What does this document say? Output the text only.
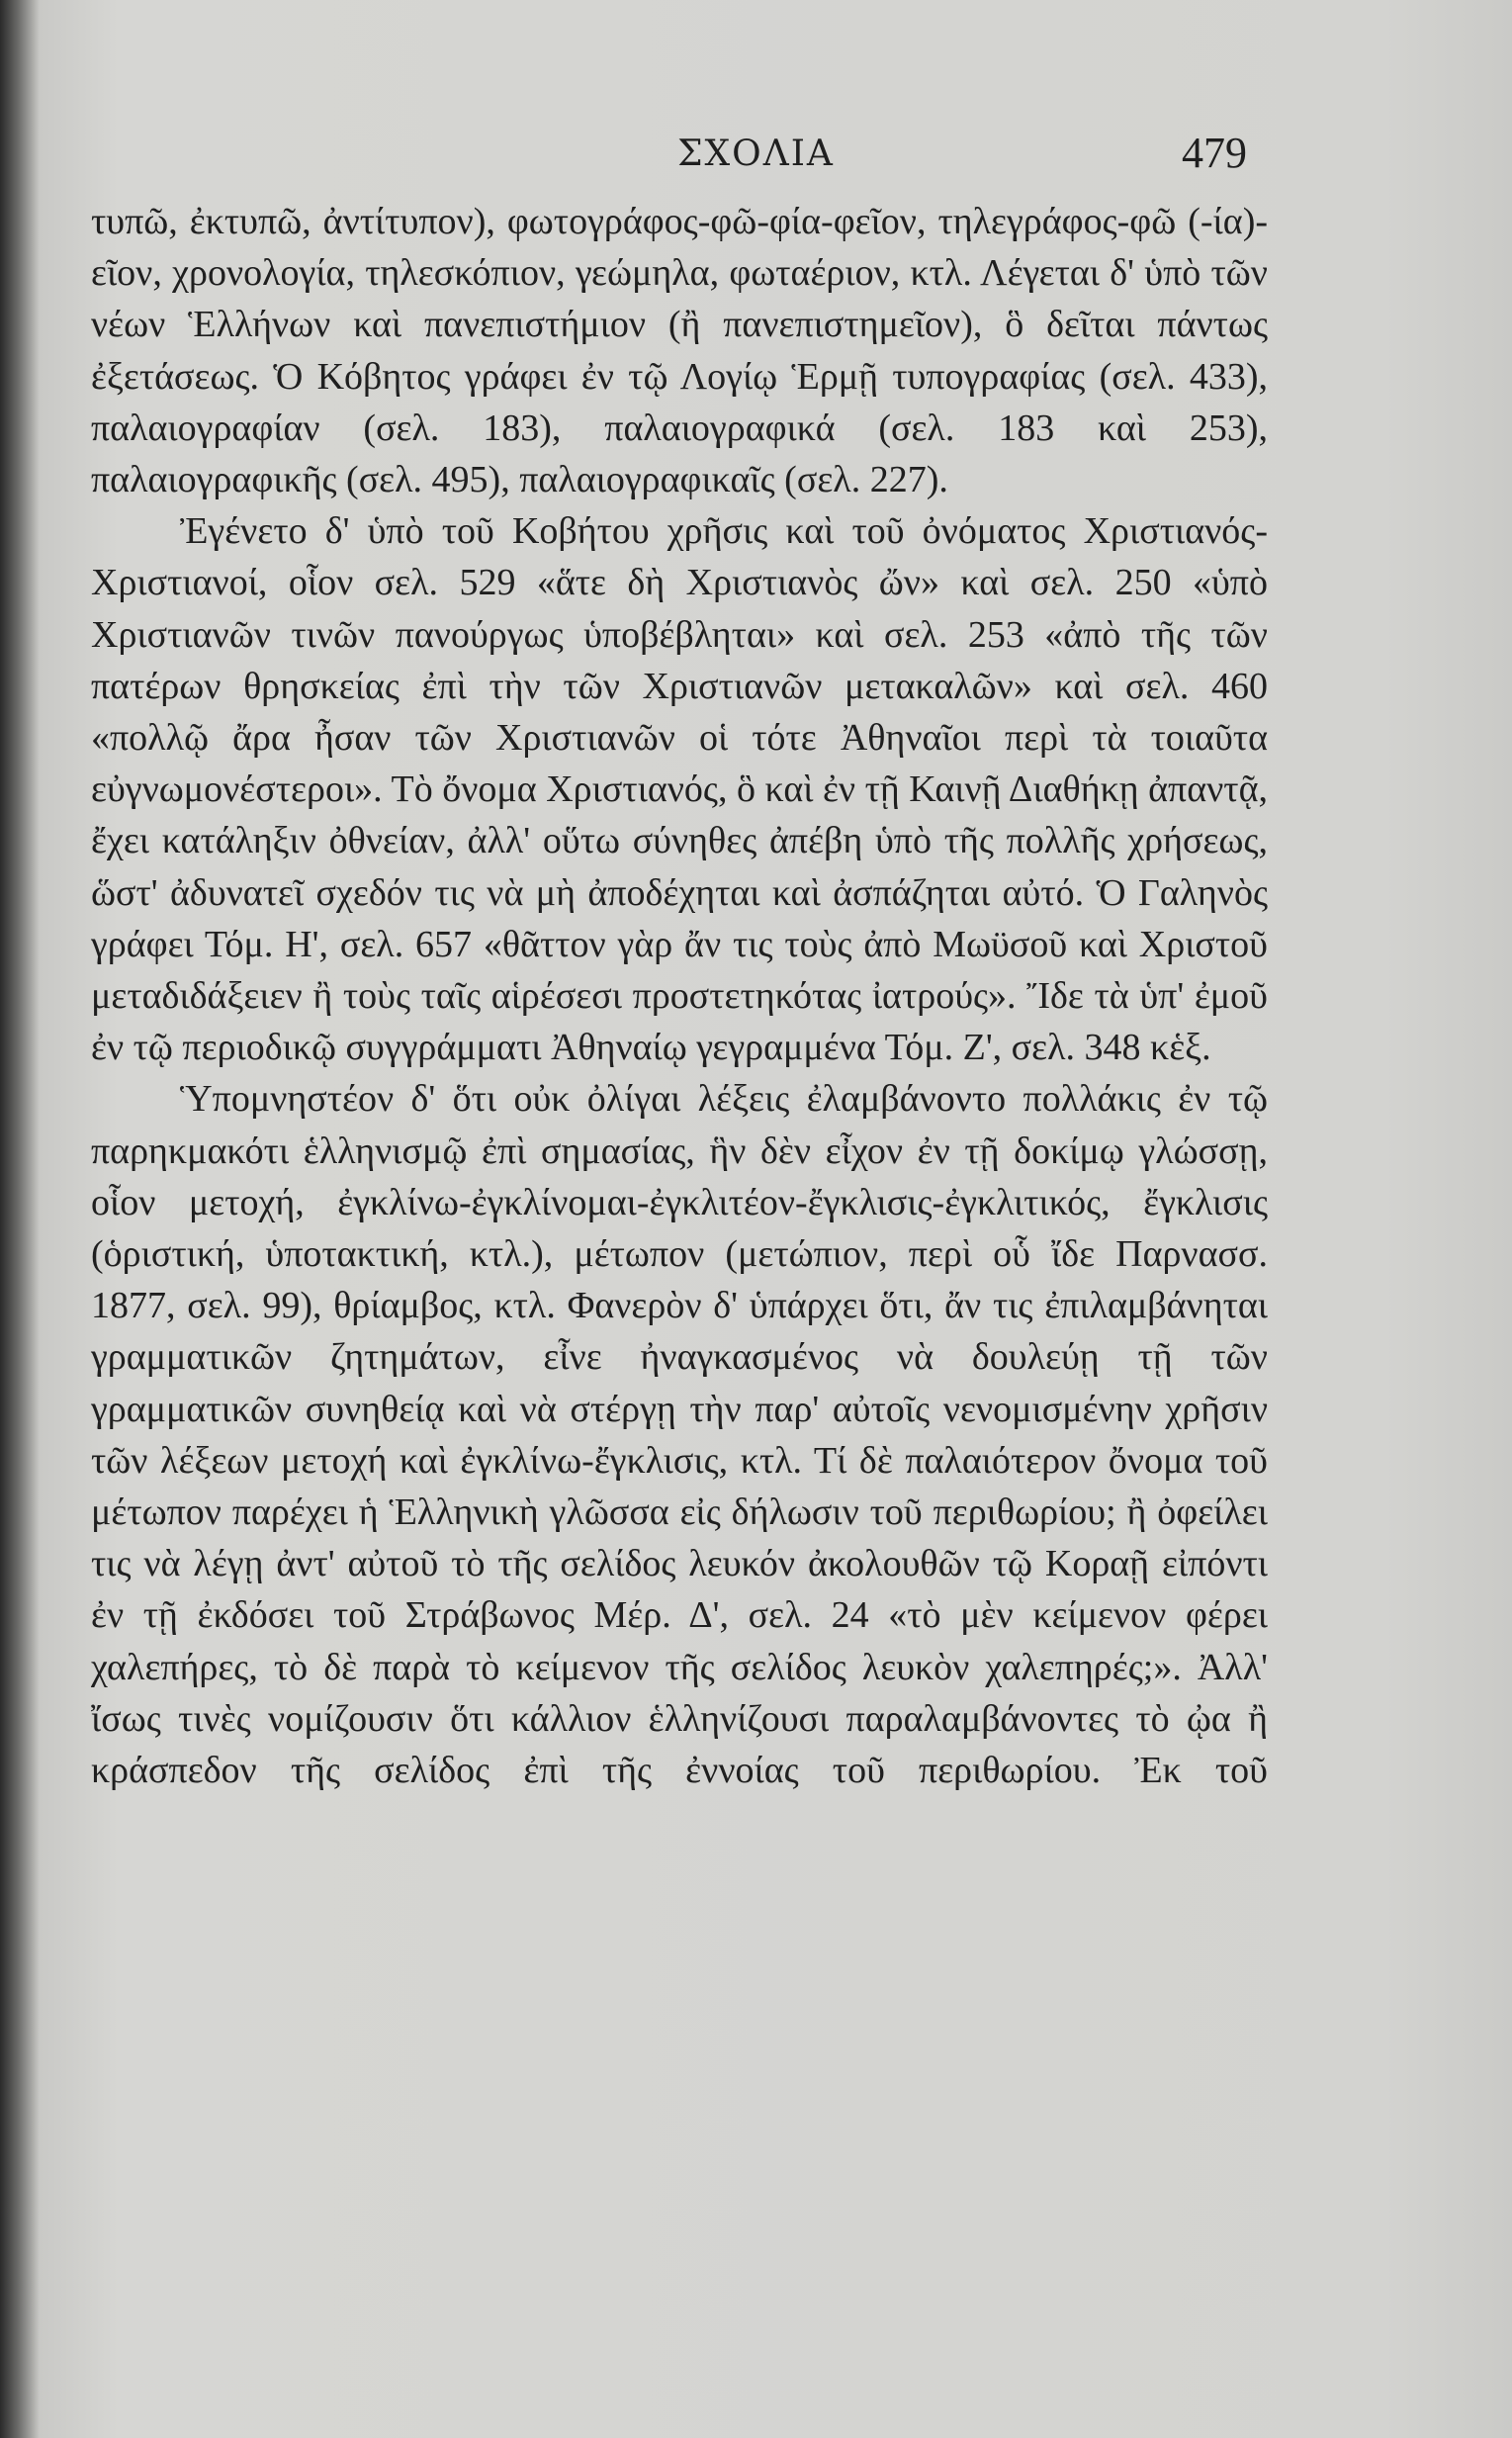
ΣΧΟΛΙΑ	479

τυπῶ, ἐκτυπῶ, ἀντίτυπον), φωτογράφος-φῶ-φία-φεῖον, τηλεγράφος-φῶ (-ία)-εῖον, χρονολογία, τηλεσκόπιον, γεώμηλα, φωταέριον, κτλ. Λέγεται δ' ὑπὸ τῶν νέων Ἑλλήνων καὶ πανεπιστήμιον (ἢ πανεπιστημεῖον), ὃ δεῖται πάντως ἐξετάσεως. Ὁ Κόβητος γράφει ἐν τῷ Λογίῳ Ἑρμῇ τυπογραφίας (σελ. 433), παλαιογραφίαν (σελ. 183), παλαιογραφικά (σελ. 183 καὶ 253), παλαιογραφικῆς (σελ. 495), παλαιογραφικαῖς (σελ. 227).

Ἐγένετο δ' ὑπὸ τοῦ Κοβήτου χρῆσις καὶ τοῦ ὀνόματος Χριστιανός-Χριστιανοί, οἷον σελ. 529 «ἅτε δὴ Χριστιανὸς ὤν» καὶ σελ. 250 «ὑπὸ Χριστιανῶν τινῶν πανούργως ὑποβέβληται» καὶ σελ. 253 «ἀπὸ τῆς τῶν πατέρων θρησκείας ἐπὶ τὴν τῶν Χριστιανῶν μετακαλῶν» καὶ σελ. 460 «πολλῷ ἄρα ἦσαν τῶν Χριστιανῶν οἱ τότε Ἀθηναῖοι περὶ τὰ τοιαῦτα εὐγνωμονέστεροι». Τὸ ὄνομα Χριστιανός, ὃ καὶ ἐν τῇ Καινῇ Διαθήκῃ ἀπαντᾷ, ἔχει κατάληξιν ὀθνείαν, ἀλλ' οὕτω σύνηθες ἀπέβη ὑπὸ τῆς πολλῆς χρήσεως, ὥστ' ἀδυνατεῖ σχεδόν τις νὰ μὴ ἀποδέχηται καὶ ἀσπάζηται αὐτό. Ὁ Γαληνὸς γράφει Τόμ. Η', σελ. 657 «θᾶττον γὰρ ἄν τις τοὺς ἀπὸ Μωϋσοῦ καὶ Χριστοῦ μεταδιδάξειεν ἢ τοὺς ταῖς αἱρέσεσι προστετηκότας ἰατρούς». Ἴδε τὰ ὑπ' ἐμοῦ ἐν τῷ περιοδικῷ συγγράμματι Ἀθηναίῳ γεγραμμένα Τόμ. Ζ', σελ. 348 κἑξ.

Ὑπομνηστέον δ' ὅτι οὐκ ὀλίγαι λέξεις ἐλαμβάνοντο πολλάκις ἐν τῷ παρηκμακότι ἑλληνισμῷ ἐπὶ σημασίας, ἣν δὲν εἶχον ἐν τῇ δοκίμῳ γλώσσῃ, οἷον μετοχή, ἐγκλίνω-ἐγκλίνομαι-ἐγκλιτέον-ἔγκλισις-ἐγκλιτικός, ἔγκλισις (ὁριστική, ὑποτακτική, κτλ.), μέτωπον (μετώπιον, περὶ οὗ ἴδε Παρνασσ. 1877, σελ. 99), θρίαμβος, κτλ. Φανερὸν δ' ὑπάρχει ὅτι, ἄν τις ἐπιλαμβάνηται γραμματικῶν ζητημάτων, εἶνε ἠναγκασμένος νὰ δουλεύῃ τῇ τῶν γραμματικῶν συνηθείᾳ καὶ νὰ στέργῃ τὴν παρ' αὐτοῖς νενομισμένην χρῆσιν τῶν λέξεων μετοχή καὶ ἐγκλίνω-ἔγκλισις, κτλ. Τί δὲ παλαιότερον ὄνομα τοῦ μέτωπον παρέχει ἡ Ἑλληνικὴ γλῶσσα εἰς δήλωσιν τοῦ περιθωρίου; ἢ ὀφείλει τις νὰ λέγῃ ἀντ' αὐτοῦ τὸ τῆς σελίδος λευκόν ἀκολουθῶν τῷ Κοραῇ εἰπόντι ἐν τῇ ἐκδόσει τοῦ Στράβωνος Μέρ. Δ', σελ. 24 «τὸ μὲν κείμενον φέρει χαλεπήρες, τὸ δὲ παρὰ τὸ κείμενον τῆς σελίδος λευκὸν χαλεπηρές;». Ἀλλ' ἴσως τινὲς νομίζουσιν ὅτι κάλλιον ἑλληνίζουσι παραλαμβάνοντες τὸ ᾠα ἢ κράσπεδον τῆς σελίδος ἐπὶ τῆς ἐννοίας τοῦ περιθωρίου. Ἐκ τοῦ
